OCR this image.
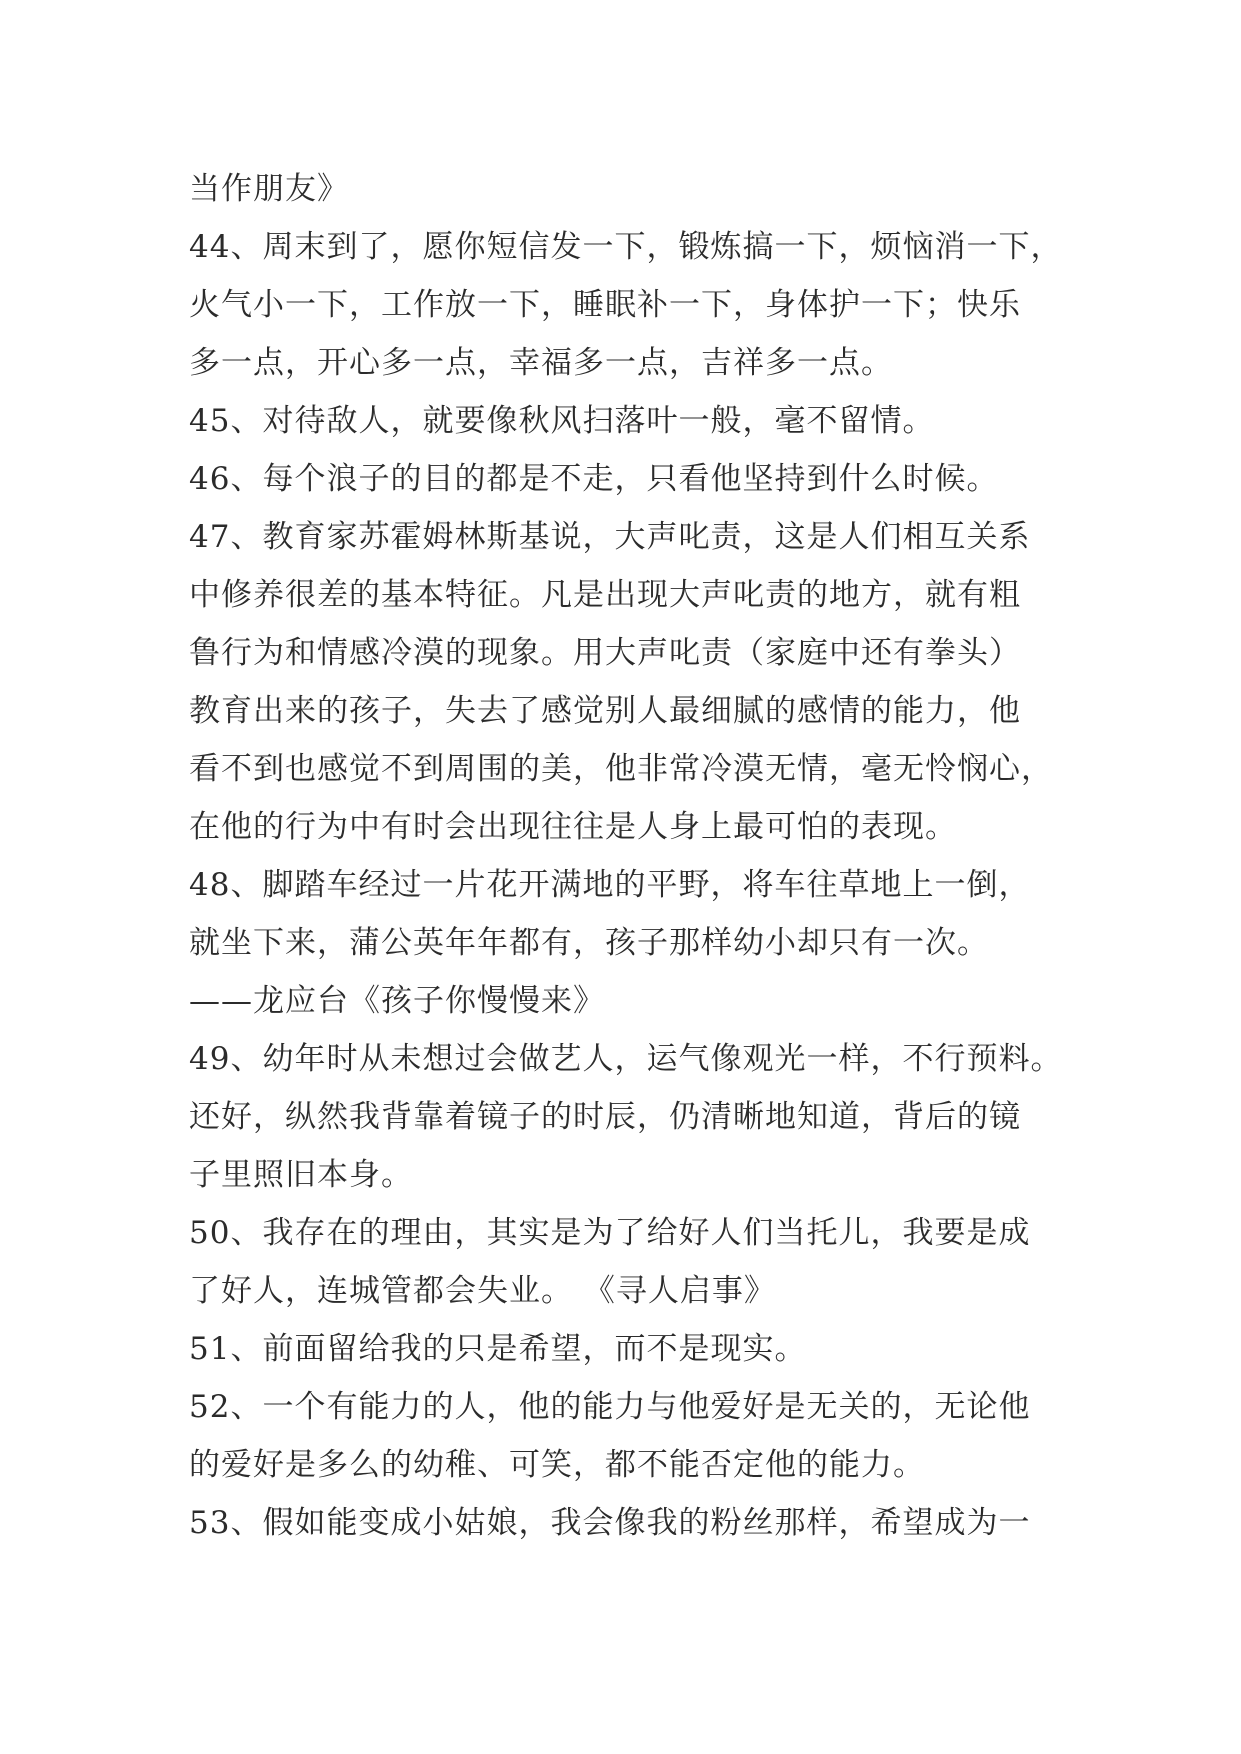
当作朋友》
44、周末到了，愿你短信发一下，锻炼搞一下，烦恼消一下，
火气小一下，工作放一下，睡眠补一下，身体护一下；快乐
多一点，开心多一点，幸福多一点，吉祥多一点。
45、对待敌人，就要像秋风扫落叶一般，毫不留情。
46、每个浪子的目的都是不走，只看他坚持到什么时候。
47、教育家苏霍姆林斯基说，大声叱责，这是人们相互关系
中修养很差的基本特征。凡是出现大声叱责的地方，就有粗
鲁行为和情感冷漠的现象。用大声叱责（家庭中还有拳头）
教育出来的孩子，失去了感觉别人最细腻的感情的能力，他
看不到也感觉不到周围的美，他非常冷漠无情，毫无怜悯心，
在他的行为中有时会出现往往是人身上最可怕的表现。
48、脚踏车经过一片花开满地的平野，将车往草地上一倒，
就坐下来，蒲公英年年都有，孩子那样幼小却只有一次。
——龙应台《孩子你慢慢来》
49、幼年时从未想过会做艺人，运气像观光一样，不行预料。
还好，纵然我背靠着镜子的时辰，仍清晰地知道，背后的镜
子里照旧本身。
50、我存在的理由，其实是为了给好人们当托儿，我要是成
了好人，连城管都会失业。 《寻人启事》
51、前面留给我的只是希望，而不是现实。
52、一个有能力的人，他的能力与他爱好是无关的，无论他
的爱好是多么的幼稚、可笑，都不能否定他的能力。
53、假如能变成小姑娘，我会像我的粉丝那样，希望成为一
